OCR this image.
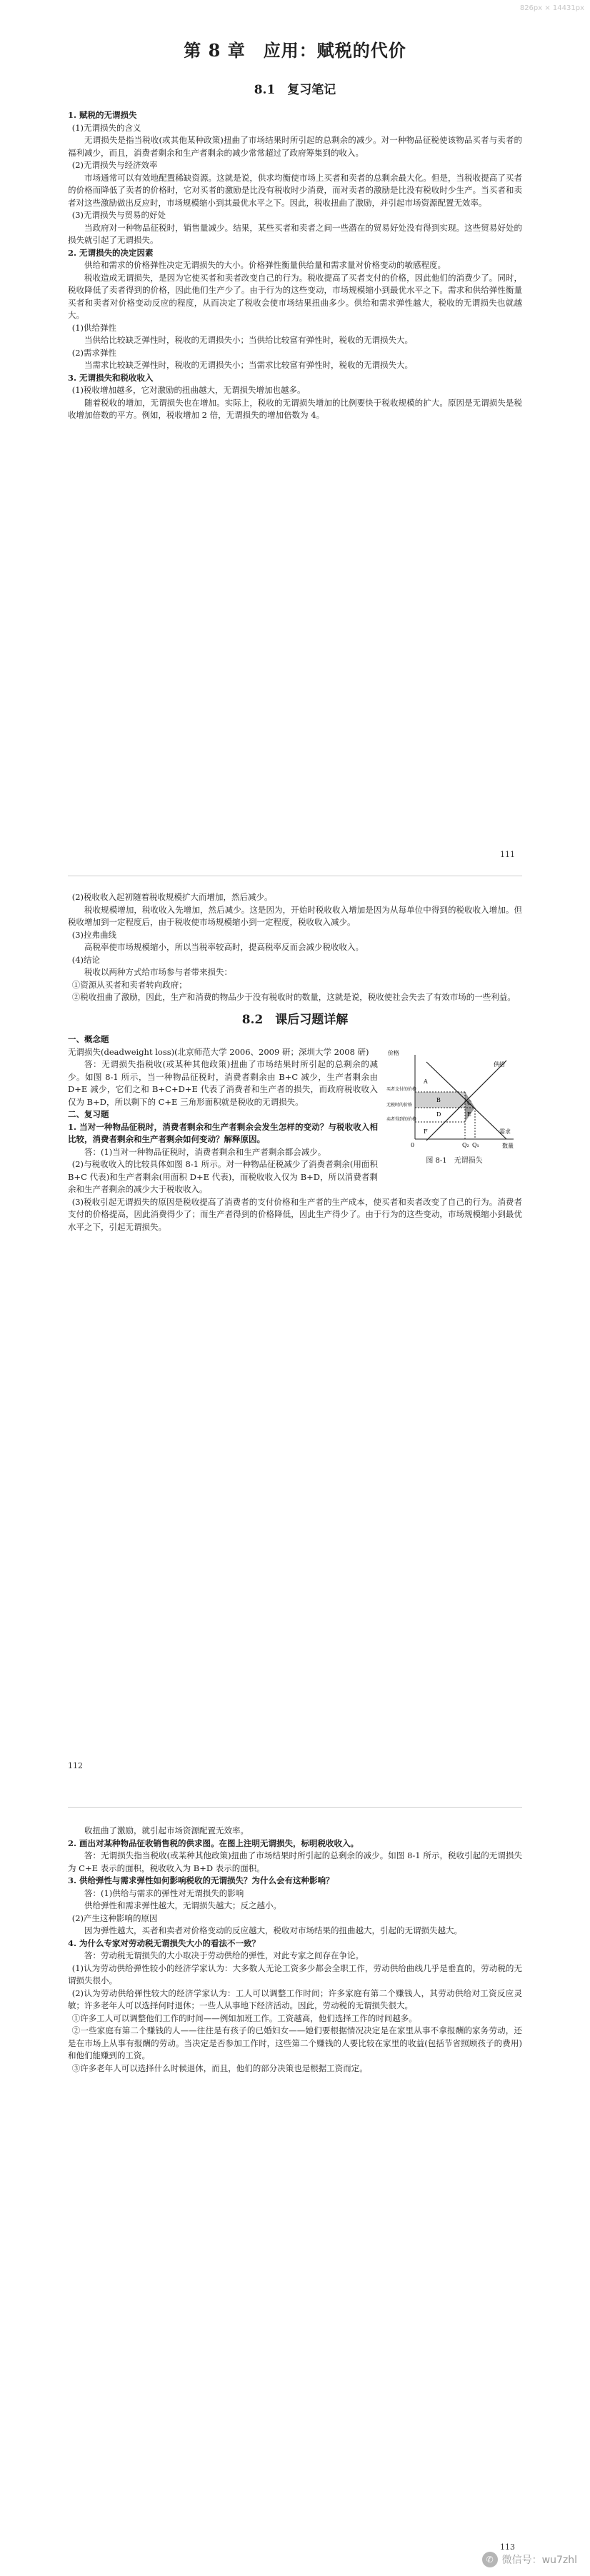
826px × 14431px
第 8 章　应用：赋税的代价
8.1　复习笔记

1. 赋税的无谓损失

(1)无谓损失的含义

无谓损失是指当税收(或其他某种政策)扭曲了市场结果时所引起的总剩余的减少。对一种物品征税使该物品买者与卖者的福利减少，而且，消费者剩余和生产者剩余的减少常常超过了政府筹集到的收入。

(2)无谓损失与经济效率

市场通常可以有效地配置稀缺资源。这就是说，供求均衡使市场上买者和卖者的总剩余最大化。但是，当税收提高了买者的价格而降低了卖者的价格时，它对买者的激励是比没有税收时少消费，而对卖者的激励是比没有税收时少生产。当买者和卖者对这些激励做出反应时，市场规模缩小到其最优水平之下。因此，税收扭曲了激励，并引起市场资源配置无效率。

(3)无谓损失与贸易的好处

当政府对一种物品征税时，销售量减少。结果，某些买者和卖者之间一些潜在的贸易好处没有得到实现。这些贸易好处的损失就引起了无谓损失。

2. 无谓损失的决定因素

供给和需求的价格弹性决定无谓损失的大小。价格弹性衡量供给量和需求量对价格变动的敏感程度。

税收造成无谓损失，是因为它使买者和卖者改变自己的行为。税收提高了买者支付的价格，因此他们的消费少了。同时，税收降低了卖者得到的价格，因此他们生产少了。由于行为的这些变动，市场规模缩小到最优水平之下。需求和供给弹性衡量买者和卖者对价格变动反应的程度，从而决定了税收会使市场结果扭曲多少。供给和需求弹性越大，税收的无谓损失也就越大。

(1)供给弹性

当供给比较缺乏弹性时，税收的无谓损失小；当供给比较富有弹性时，税收的无谓损失大。

(2)需求弹性

当需求比较缺乏弹性时，税收的无谓损失小；当需求比较富有弹性时，税收的无谓损失大。

3. 无谓损失和税收收入

(1)税收增加越多，它对激励的扭曲越大，无谓损失增加也越多。

随着税收的增加，无谓损失也在增加。实际上，税收的无谓损失增加的比例要快于税收规模的扩大。原因是无谓损失是税收增加倍数的平方。例如，税收增加 2 倍，无谓损失的增加倍数为 4。

111

(2)税收收入起初随着税收规模扩大而增加，然后减少。

税收规模增加，税收收入先增加，然后减少。这是因为，开始时税收收入增加是因为从每单位中得到的税收收入增加。但税收增加到一定程度后，由于税收使市场规模缩小到一定程度，税收收入减少。

(3)拉弗曲线

高税率使市场规模缩小，所以当税率较高时，提高税率反而会减少税收收入。

(4)结论

税收以两种方式给市场参与者带来损失：

①资源从买者和卖者转向政府；

②税收扭曲了激励，因此，生产和消费的物品少于没有税收时的数量，这就是说，税收使社会失去了有效市场的一些利益。

8.2　课后习题详解

一、概念题

价格
数量
供给
需求
买者支付的价格
无税时的价格
卖者得到的价格
Q₂ Q₁
0
A
B	C
D	E
F
图 8-1　无谓损失

无谓损失(deadweight loss)(北京师范大学 2006、2009 研；深圳大学 2008 研)

答：无谓损失指税收(或某种其他政策)扭曲了市场结果时所引起的总剩余的减少。如图 8-1 所示，当一种物品征税时，消费者剩余由 B+C 减少，生产者剩余由 D+E 减少，它们之和 B+C+D+E 代表了消费者和生产者的损失，而政府税收收入仅为 B+D，所以剩下的 C+E 三角形面积就是税收的无谓损失。

二、复习题

1. 当对一种物品征税时，消费者剩余和生产者剩余会发生怎样的变动？与税收收入相比较，消费者剩余和生产者剩余如何变动？解释原因。

答：(1)当对一种物品征税时，消费者剩余和生产者剩余都会减少。

(2)与税收收入的比较具体如图 8-1 所示。对一种物品征税减少了消费者剩余(用面积 B+C 代表)和生产者剩余(用面积 D+E 代表)，而税收收入仅为 B+D，所以消费者剩余和生产者剩余的减少大于税收收入。

(3)税收引起无谓损失的原因是税收提高了消费者的支付价格和生产者的生产成本，使买者和卖者改变了自己的行为。消费者支付的价格提高，因此消费得少了；而生产者得到的价格降低，因此生产得少了。由于行为的这些变动，市场规模缩小到最优水平之下，引起无谓损失。

112

收扭曲了激励，就引起市场资源配置无效率。

2. 画出对某种物品征收销售税的供求图。在图上注明无谓损失，标明税收收入。

答：无谓损失指当税收(或某种其他政策)扭曲了市场结果时所引起的总剩余的减少。如图 8-1 所示，税收引起的无谓损失为 C+E 表示的面积，税收收入为 B+D 表示的面积。

3. 供给弹性与需求弹性如何影响税收的无谓损失？为什么会有这种影响？

答：(1)供给与需求的弹性对无谓损失的影响

供给弹性和需求弹性越大，无谓损失越大；反之越小。

(2)产生这种影响的原因

因为弹性越大，买者和卖者对价格变动的反应越大，税收对市场结果的扭曲越大，引起的无谓损失越大。

4. 为什么专家对劳动税无谓损失大小的看法不一致？

答：劳动税无谓损失的大小取决于劳动供给的弹性，对此专家之间存在争论。

(1)认为劳动供给弹性较小的经济学家认为：大多数人无论工资多少都会全职工作，劳动供给曲线几乎是垂直的，劳动税的无谓损失很小。

(2)认为劳动供给弹性较大的经济学家认为：工人可以调整工作时间；许多家庭有第二个赚钱人，其劳动供给对工资反应灵敏；许多老年人可以选择何时退休；一些人从事地下经济活动。因此，劳动税的无谓损失很大。

①许多工人可以调整他们工作的时间——例如加班工作。工资越高，他们选择工作的时间越多。

②一些家庭有第二个赚钱的人——往往是有孩子的已婚妇女——她们要根据情况决定是在家里从事不拿报酬的家务劳动，还是在市场上从事有报酬的劳动。当决定是否参加工作时，这些第二个赚钱的人要比较在家里的收益(包括节省照顾孩子的费用)和他们能赚到的工资。

③许多老年人可以选择什么时候退休，而且，他们的部分决策也是根据工资而定。

113
✆ 微信号：wu7zhl
